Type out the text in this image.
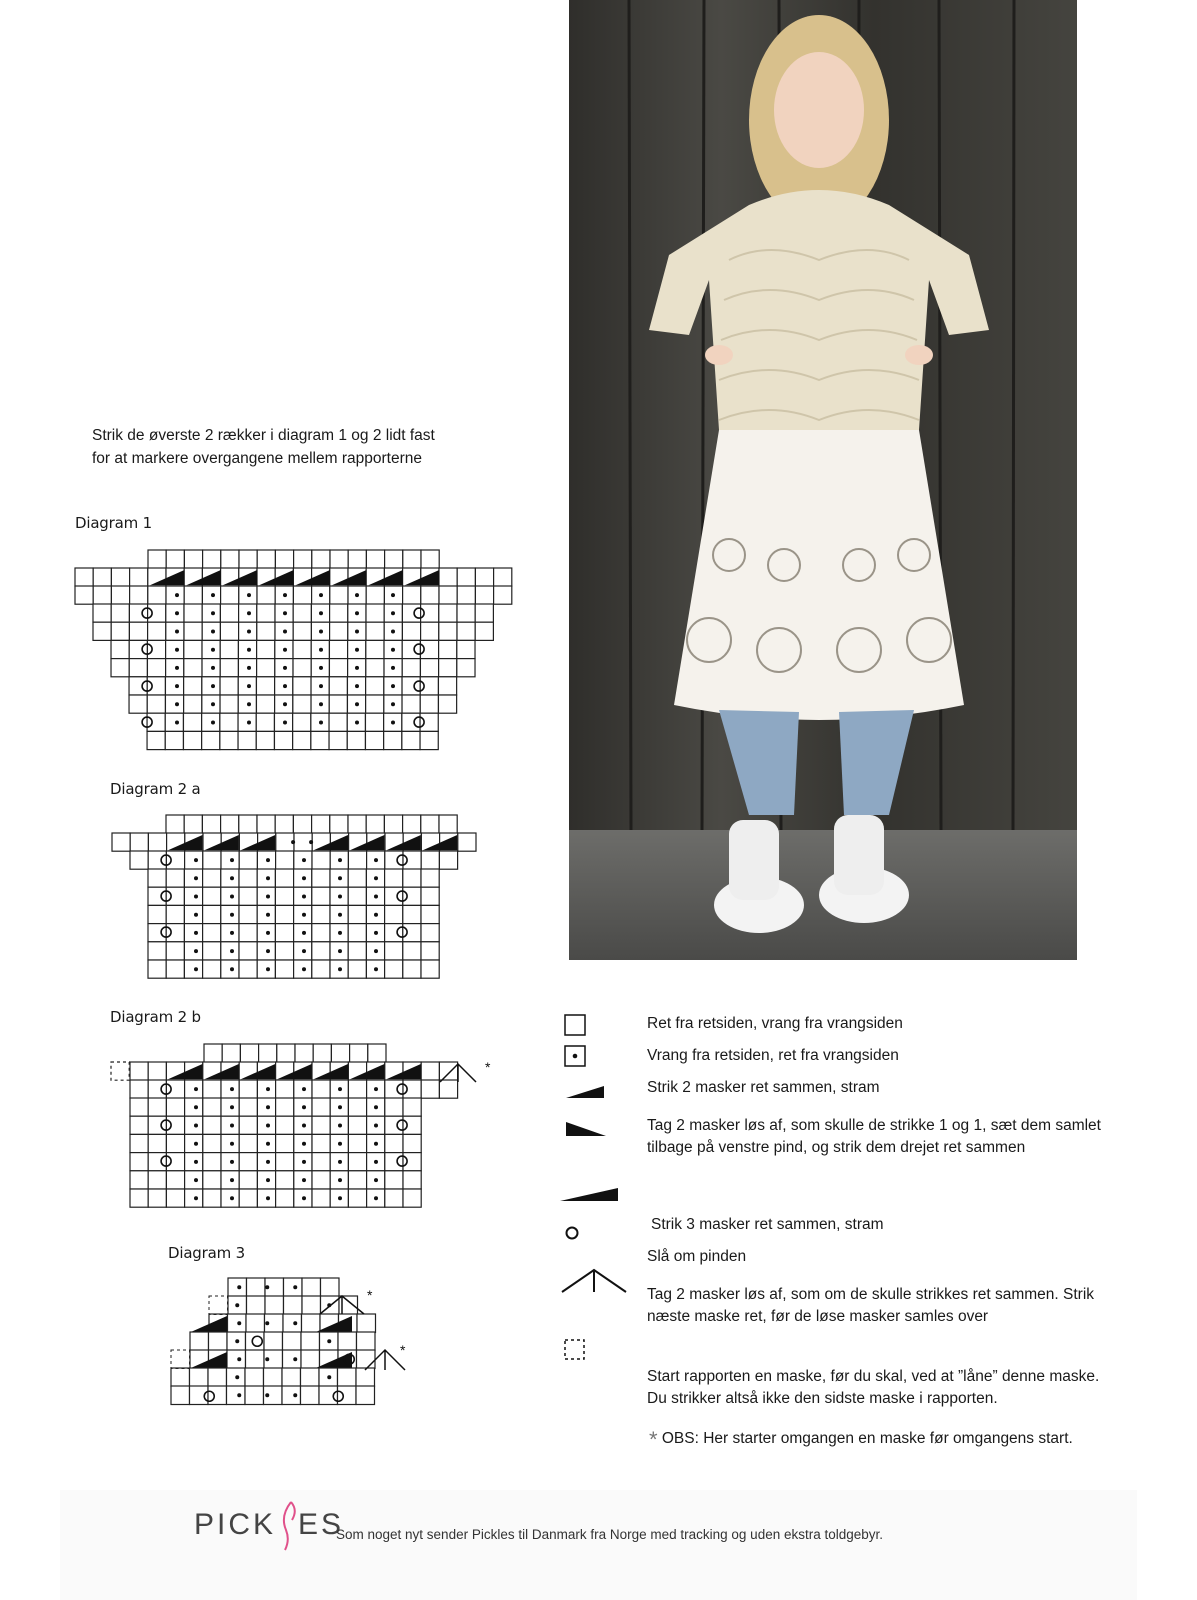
Strik de øverste 2 rækker i diagram 1 og 2 lidt fast
for at markere overgangene mellem rapporterne
Diagram 1
Diagram 2 a
Diagram 2 b
Diagram 3
*
*
*
Ret fra retsiden, vrang fra vrangsiden
Vrang fra retsiden, ret fra vrangsiden
Strik 2 masker ret sammen, stram
Tag 2 masker løs af, som skulle de strikke 1 og 1, sæt dem samlet tilbage på venstre pind, og strik dem drejet ret sammen
Strik 3 masker ret sammen, stram
Slå om pinden
Tag 2 masker løs af, som om de skulle strikkes ret sammen. Strik næste maske ret, før de løse masker samles over
Start rapporten en maske, før du skal, ved at ”låne” denne maske. Du strikker altså ikke den sidste maske i rapporten.
* OBS: Her starter omgangen en maske før omgangens start.
PICK ES
Som noget nyt sender Pickles til Danmark fra Norge med tracking og uden ekstra toldgebyr.
